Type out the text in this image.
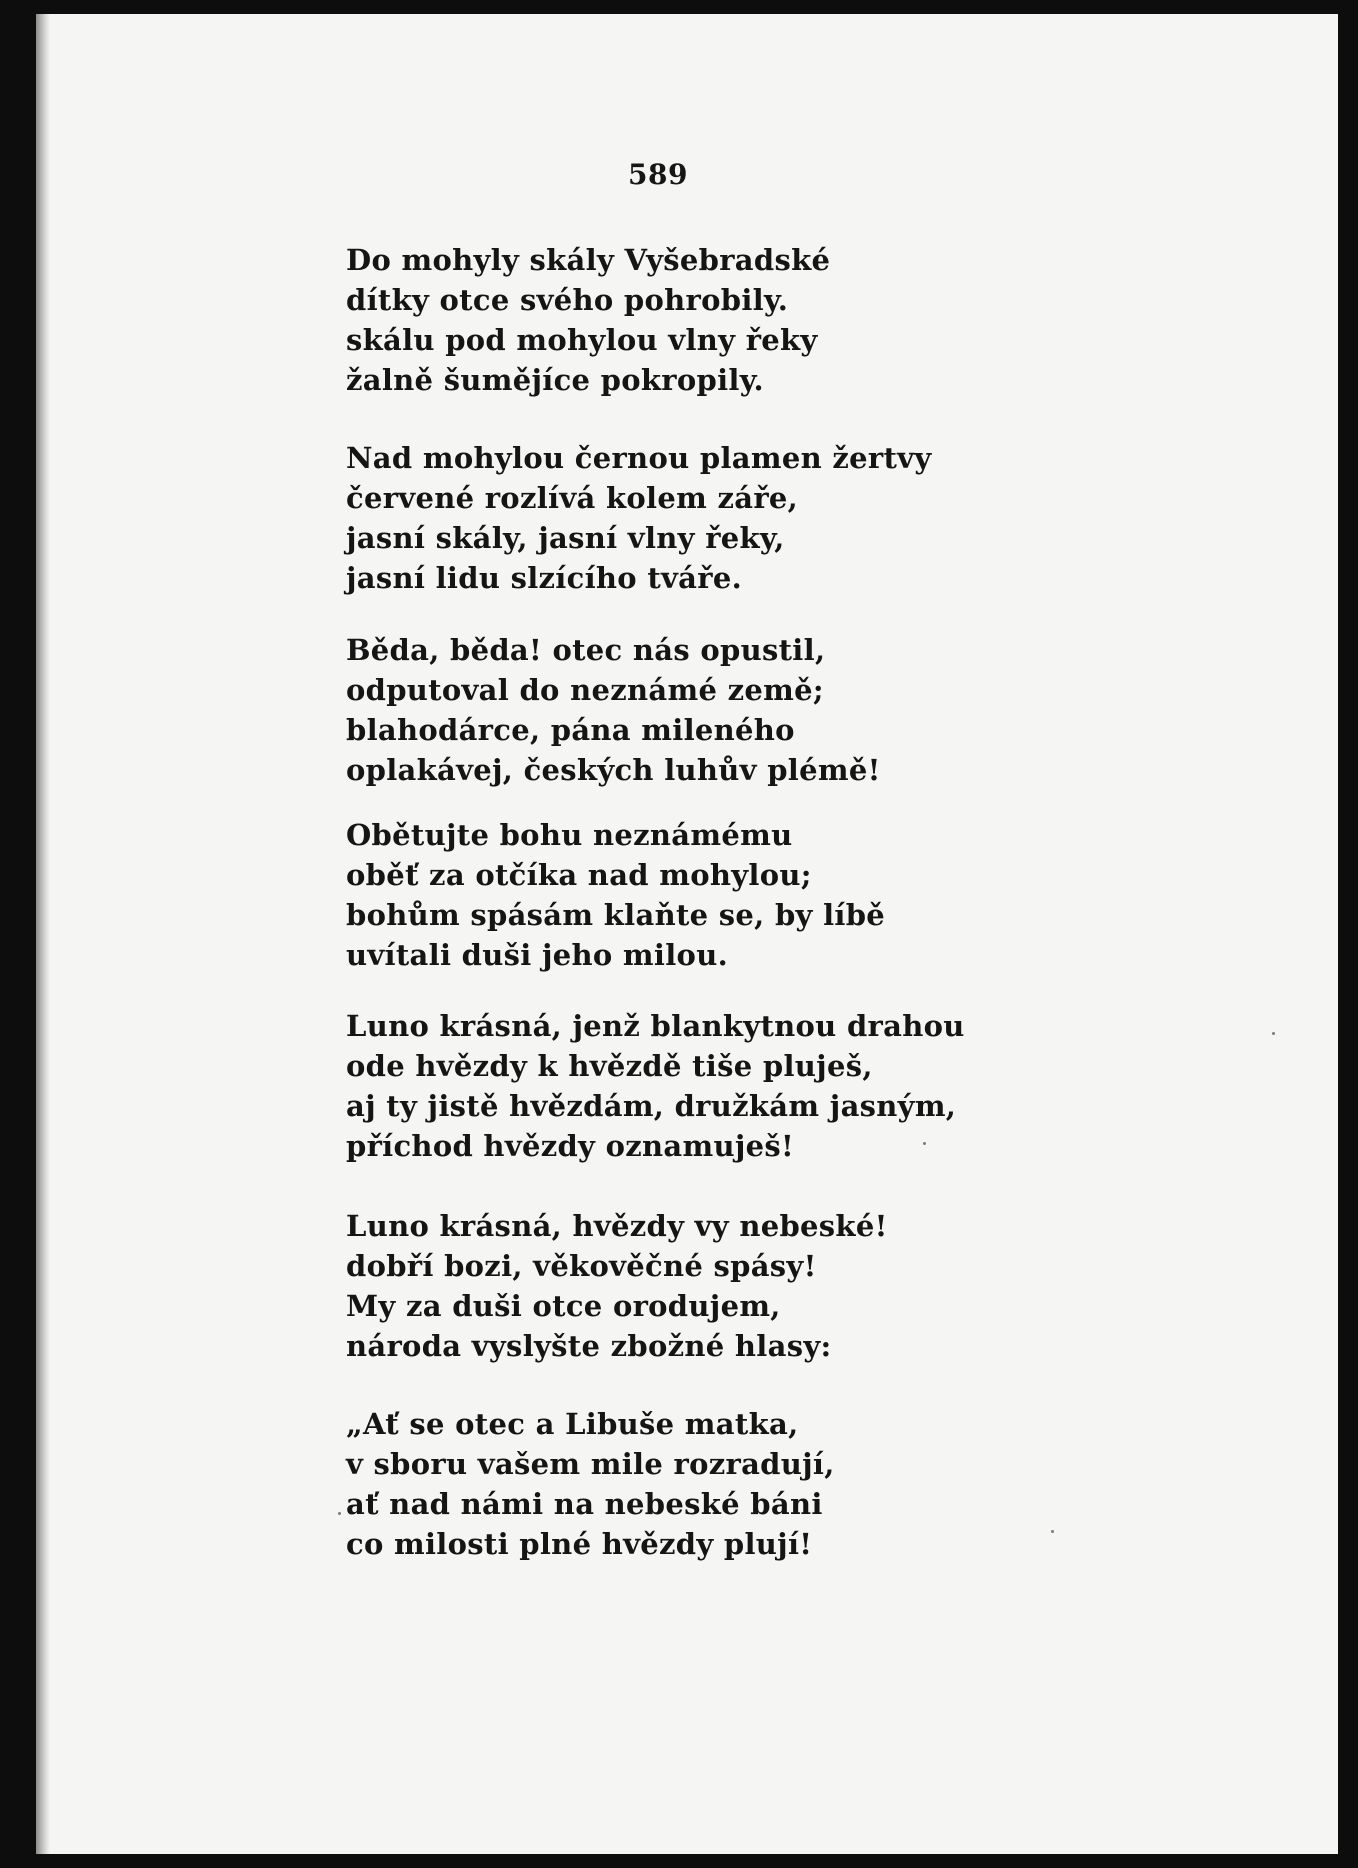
589
Do mohyly skály Vyšebradské
dítky otce svého pohrobily.
skálu pod mohylou vlny řeky
žalně šumějíce pokropily.
Nad mohylou černou plamen žertvy
červené rozlívá kolem záře,
jasní skály, jasní vlny řeky,
jasní lidu slzícího tváře.
Běda, běda! otec nás opustil,
odputoval do neznámé země;
blahodárce, pána mileného
oplakávej, českých luhův plémě!
Obětujte bohu neznámému
oběť za otčíka nad mohylou;
bohům spásám klaňte se, by líbě
uvítali duši jeho milou.
Luno krásná, jenž blankytnou drahou
ode hvězdy k hvězdě tiše pluješ,
aj ty jistě hvězdám, družkám jasným,
příchod hvězdy oznamuješ!
Luno krásná, hvězdy vy nebeské!
dobří bozi, věkověčné spásy!
My za duši otce orodujem,
národa vyslyšte zbožné hlasy:
„Ať se otec a Libuše matka,
v sboru vašem mile rozradují,
ať nad námi na nebeské báni
co milosti plné hvězdy plují!
